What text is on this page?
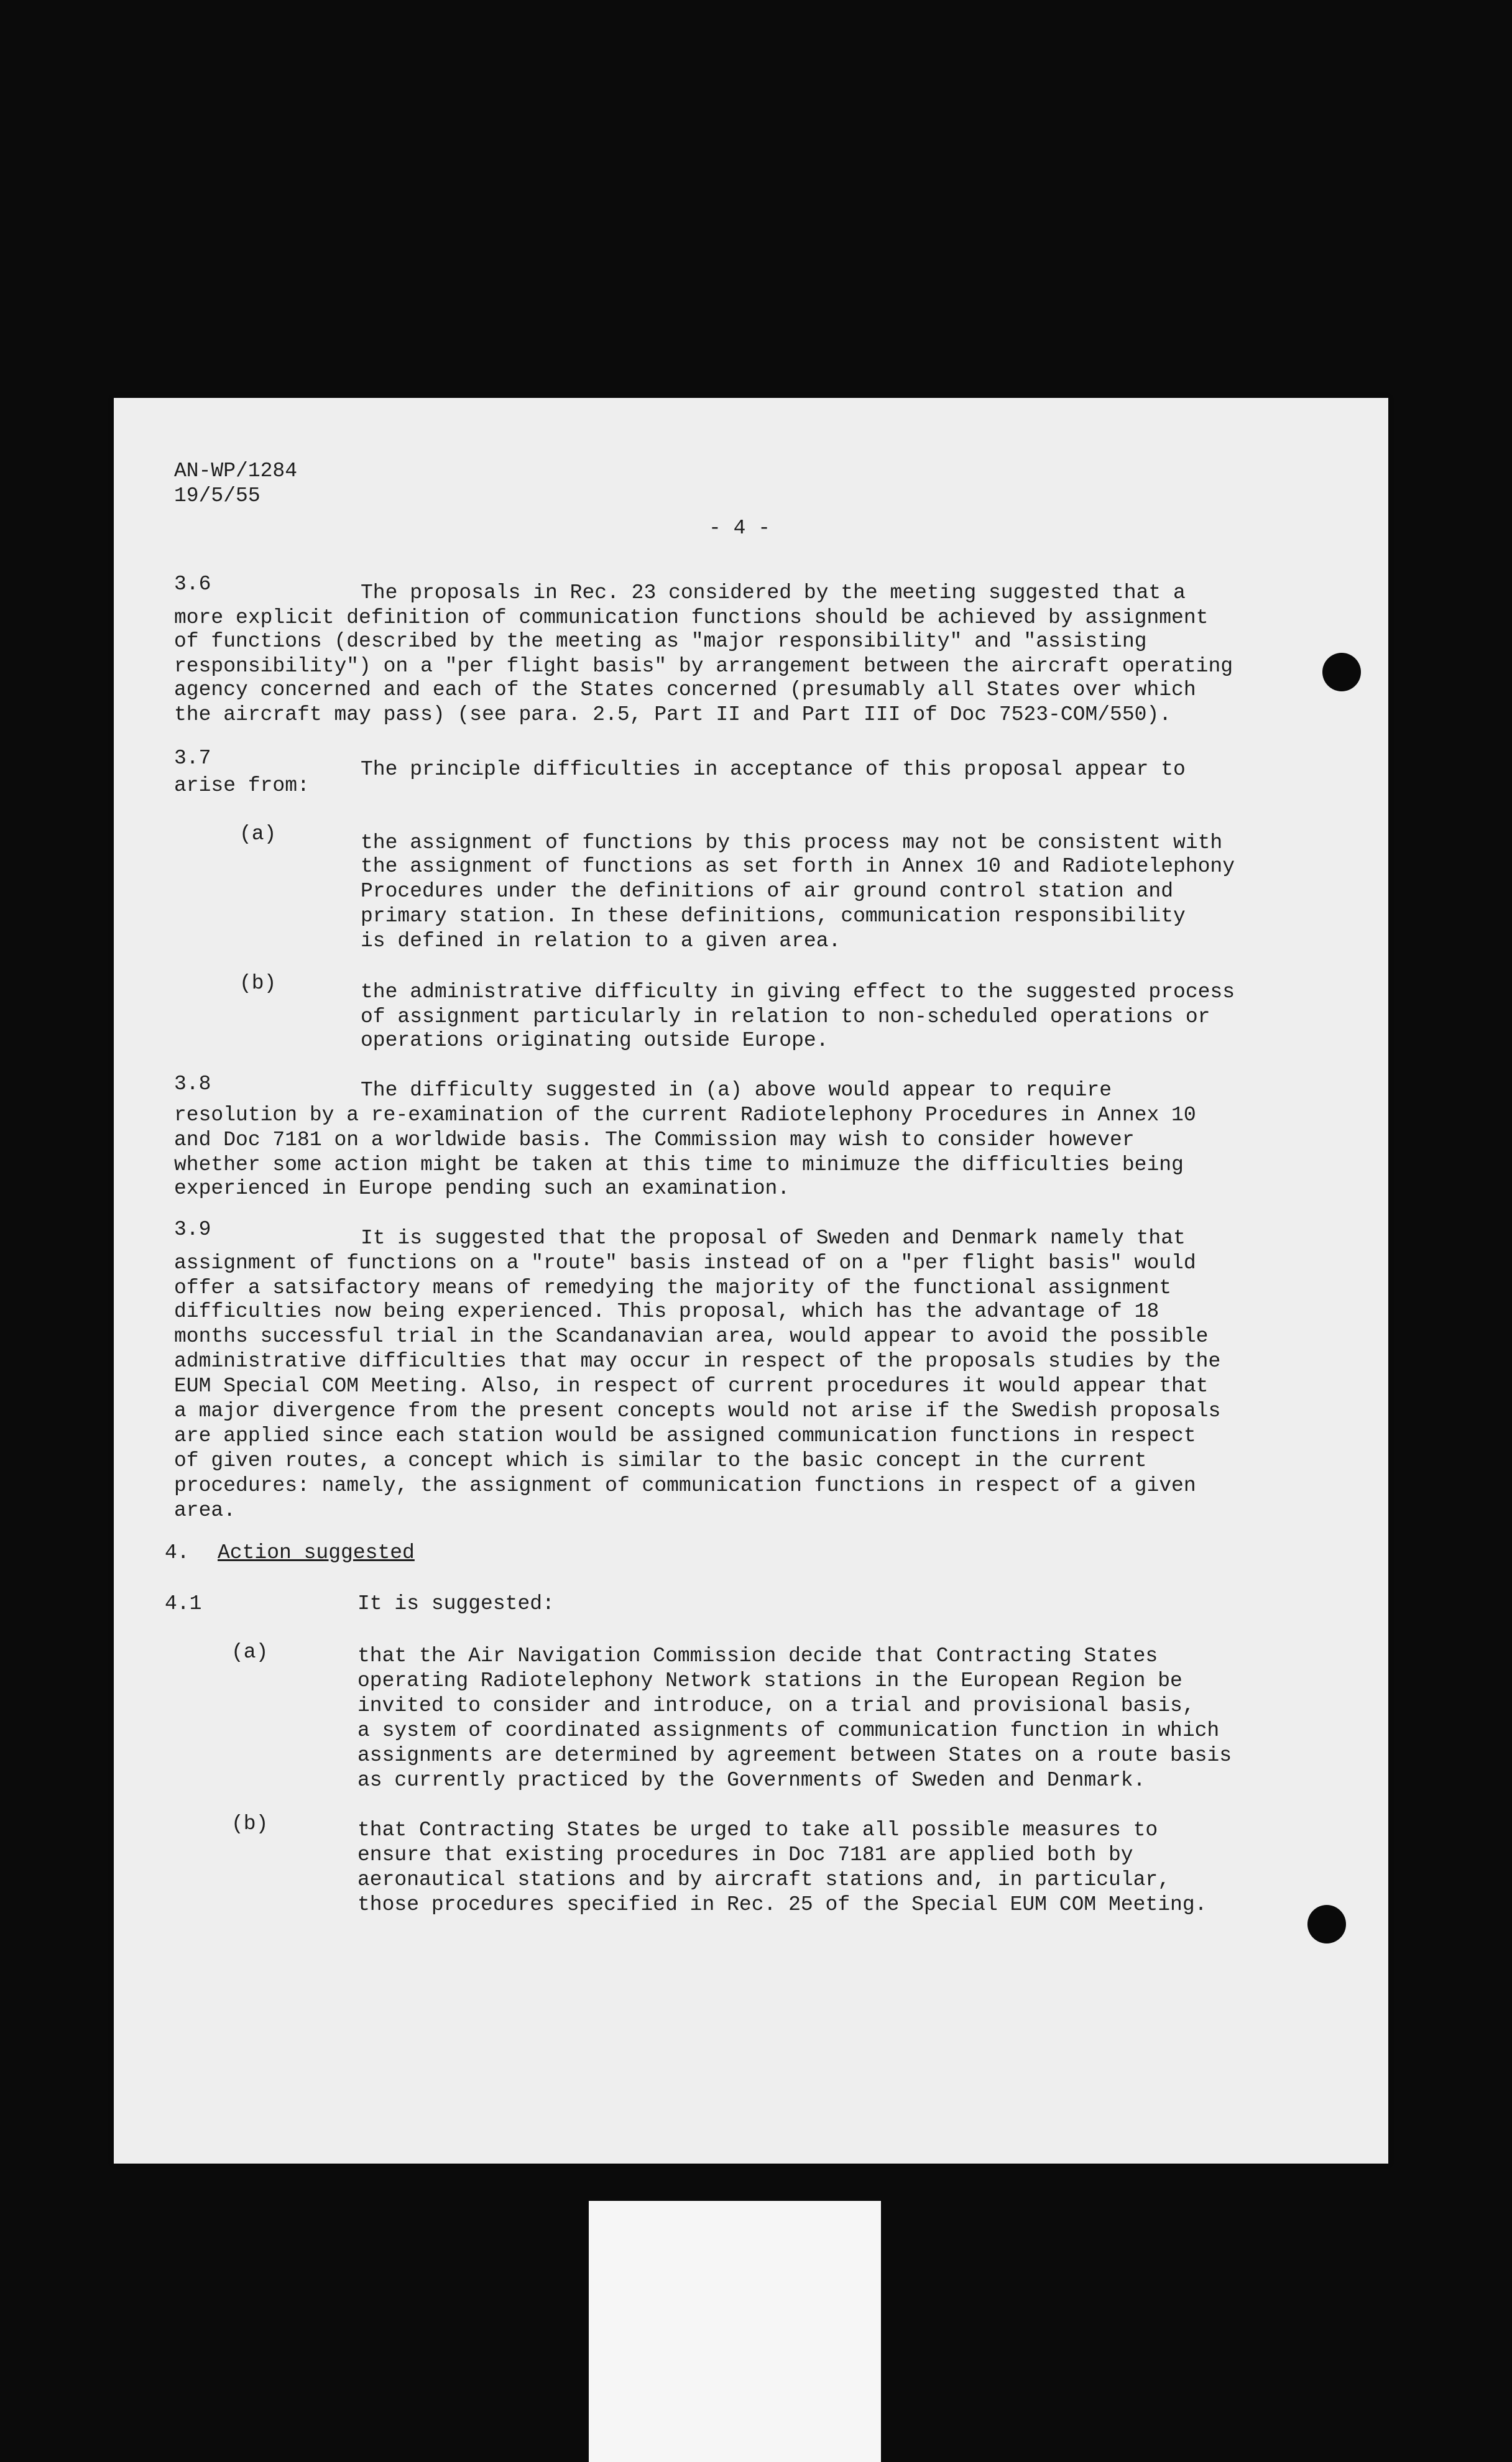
AN-WP/1284
19/5/55
- 4 -
3.6	The proposals in Rec. 23 considered by the meeting suggested that a
more explicit definition of communication functions should be achieved by assignment
of functions (described by the meeting as "major responsibility" and "assisting
responsibility") on a "per flight basis" by arrangement between the aircraft operating
agency concerned and each of the States concerned (presumably all States over which
the aircraft may pass) (see para. 2.5, Part II and Part III of Doc 7523-COM/550).
3.7	The principle difficulties in acceptance of this proposal appear to
arise from:
(a)	the assignment of functions by this process may not be consistent with
the assignment of functions as set forth in Annex 10 and Radiotelephony
Procedures under the definitions of air ground control station and
primary station. In these definitions, communication responsibility
is defined in relation to a given area.
(b)	the administrative difficulty in giving effect to the suggested process
of assignment particularly in relation to non-scheduled operations or
operations originating outside Europe.
3.8	The difficulty suggested in (a) above would appear to require
resolution by a re-examination of the current Radiotelephony Procedures in Annex 10
and Doc 7181 on a worldwide basis. The Commission may wish to consider however
whether some action might be taken at this time to minimuze the difficulties being
experienced in Europe pending such an examination.
3.9	It is suggested that the proposal of Sweden and Denmark namely that
assignment of functions on a "route" basis instead of on a "per flight basis" would
offer a satsifactory means of remedying the majority of the functional assignment
difficulties now being experienced. This proposal, which has the advantage of 18
months successful trial in the Scandanavian area, would appear to avoid the possible
administrative difficulties that may occur in respect of the proposals studies by the
EUM Special COM Meeting. Also, in respect of current procedures it would appear that
a major divergence from the present concepts would not arise if the Swedish proposals
are applied since each station would be assigned communication functions in respect
of given routes, a concept which is similar to the basic concept in the current
procedures: namely, the assignment of communication functions in respect of a given
area.
4. Action suggested
4.1	It is suggested:
(a)	that the Air Navigation Commission decide that Contracting States
operating Radiotelephony Network stations in the European Region be
invited to consider and introduce, on a trial and provisional basis,
a system of coordinated assignments of communication function in which
assignments are determined by agreement between States on a route basis
as currently practiced by the Governments of Sweden and Denmark.
(b)	that Contracting States be urged to take all possible measures to
ensure that existing procedures in Doc 7181 are applied both by
aeronautical stations and by aircraft stations and, in particular,
those procedures specified in Rec. 25 of the Special EUM COM Meeting.
